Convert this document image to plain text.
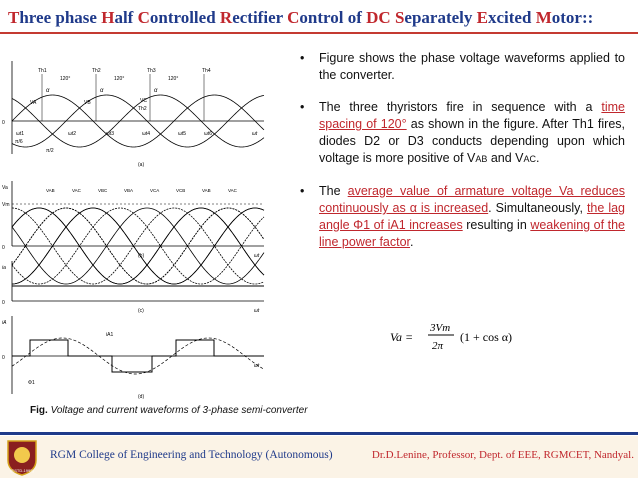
Three phase Half Controlled Rectifier Control of DC Separately Excited Motor::
Th1	Th2	Th3	Th4
120°	120°	120°
α	α	α
VA	VB	VC
Th2
0
ωt1	ωt2	ωt3	ωt4	ωt5	ωt6	ωt
π/6
π/2
(a)
Va
Vm
VAB	VAC	VBC	VBA	VCA	VCB	VAB	VAC
0
(b)	ωt
ia
0
(c)	ωt
iA
iA1
0
Φ1
(d)
ωt
Fig. Voltage and current waveforms of 3-phase semi-converter
• Figure shows the phase voltage waveforms applied to the converter.
• The three thyristors fire in sequence with a time spacing of 120° as shown in the figure. After Th1 fires, diodes D2 or D3 conducts depending upon which voltage is more positive of VAB and VAC.
• The average value of armature voltage Va reduces continuously as α is increased. Simultaneously, the lag angle Φ1 of iA1 increases resulting in weakening of the line power factor.
Va =
3Vm
2π
(1 + cos α)
(ESTD-1995)
RGM College of Engineering and Technology (Autonomous)	Dr.D.Lenine, Professor, Dept. of EEE, RGMCET, Nandyal.
